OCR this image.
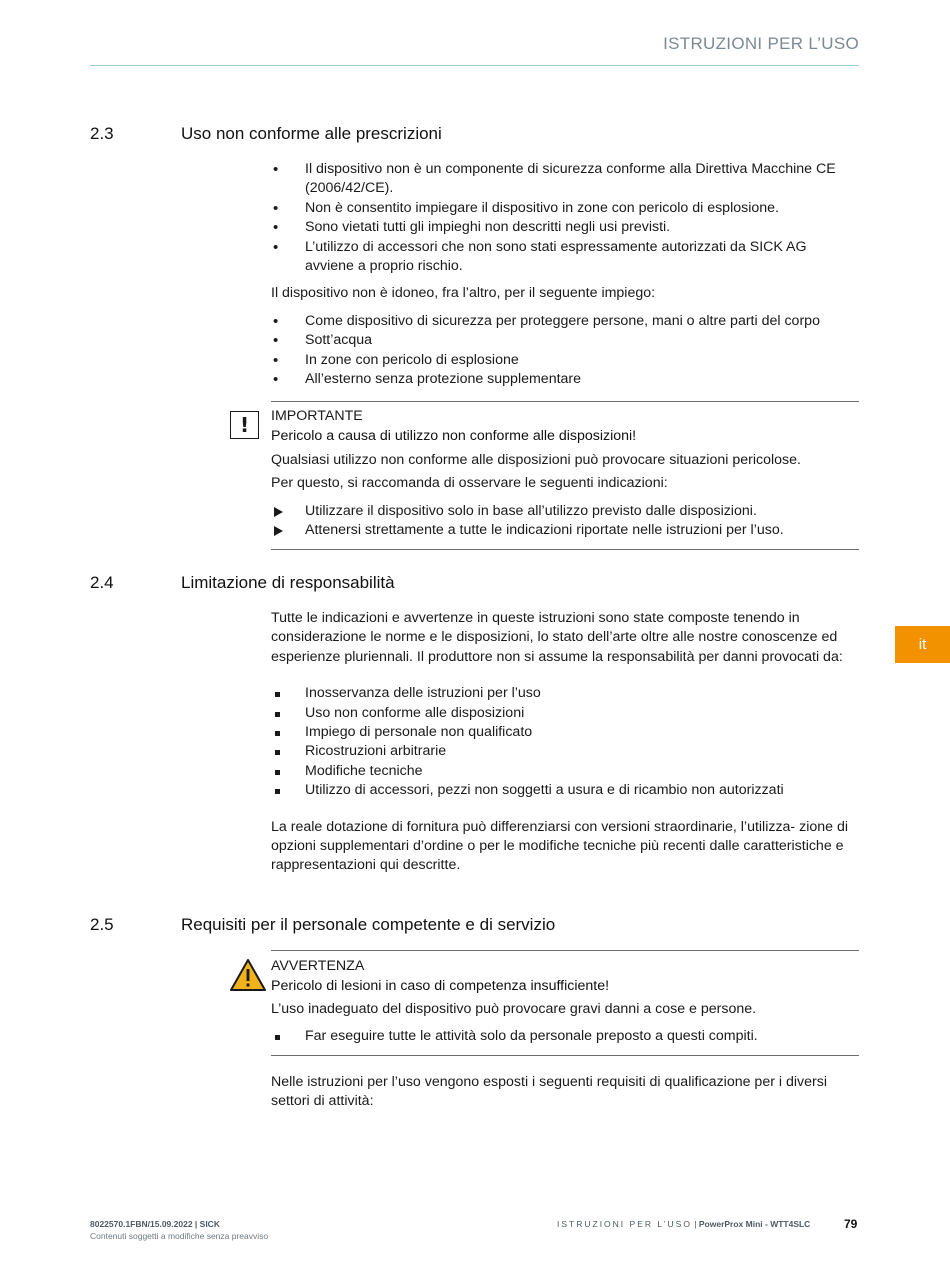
ISTRUZIONI PER L’USO
it
2.3	Uso non conforme alle prescrizioni
•
Il dispositivo non è un componente di sicurezza conforme alla Direttiva Macchine CE (2006/42/CE).
•
Non è consentito impiegare il dispositivo in zone con pericolo di esplosione.
•
Sono vietati tutti gli impieghi non descritti negli usi previsti.
•
L’utilizzo di accessori che non sono stati espressamente autorizzati da SICK AG avviene a proprio rischio.

Il dispositivo non è idoneo, fra l’altro, per il seguente impiego:

•
Come dispositivo di sicurezza per proteggere persone, mani o altre parti del corpo
•
Sott’acqua
•
In zone con pericolo di esplosione
•
All’esterno senza protezione supplementare
!	IMPORTANTE
Pericolo a causa di utilizzo non conforme alle disposizioni!

Qualsiasi utilizzo non conforme alle disposizioni può provocare situazioni pericolose.

Per questo, si raccomanda di osservare le seguenti indicazioni:

Utilizzare il dispositivo solo in base all’utilizzo previsto dalle disposizioni.
Attenersi strettamente a tutte le indicazioni riportate nelle istruzioni per l’uso.
2.4	Limitazione di responsabilità

Tutte le indicazioni e avvertenze in queste istruzioni sono state composte tenendo in considerazione le norme e le disposizioni, lo stato dell’arte oltre alle nostre conoscenze ed esperienze pluriennali. Il produttore non si assume la responsabilità per danni provocati da:

Inosservanza delle istruzioni per l’uso
Uso non conforme alle disposizioni
Impiego di personale non qualificato
Ricostruzioni arbitrarie
Modifiche tecniche
Utilizzo di accessori, pezzi non soggetti a usura e di ricambio non autorizzati

La reale dotazione di fornitura può differenziarsi con versioni straordinarie, l’utilizza- zione di opzioni supplementari d’ordine o per le modifiche tecniche più recenti dalle caratteristiche e rappresentazioni qui descritte.

2.5	Requisiti per il personale competente e di servizio
AVVERTENZA
Pericolo di lesioni in caso di competenza insufficiente!

L’uso inadeguato del dispositivo può provocare gravi danni a cose e persone.

Far eseguire tutte le attività solo da personale preposto a questi compiti.

Nelle istruzioni per l’uso vengono esposti i seguenti requisiti di qualificazione per i diversi settori di attività:

8022570.1FBN/15.09.2022 | SICK
Contenuti soggetti a modifiche senza preavviso
ISTRUZIONI PER L’USO | PowerProx Mini - WTT4SLC	79
